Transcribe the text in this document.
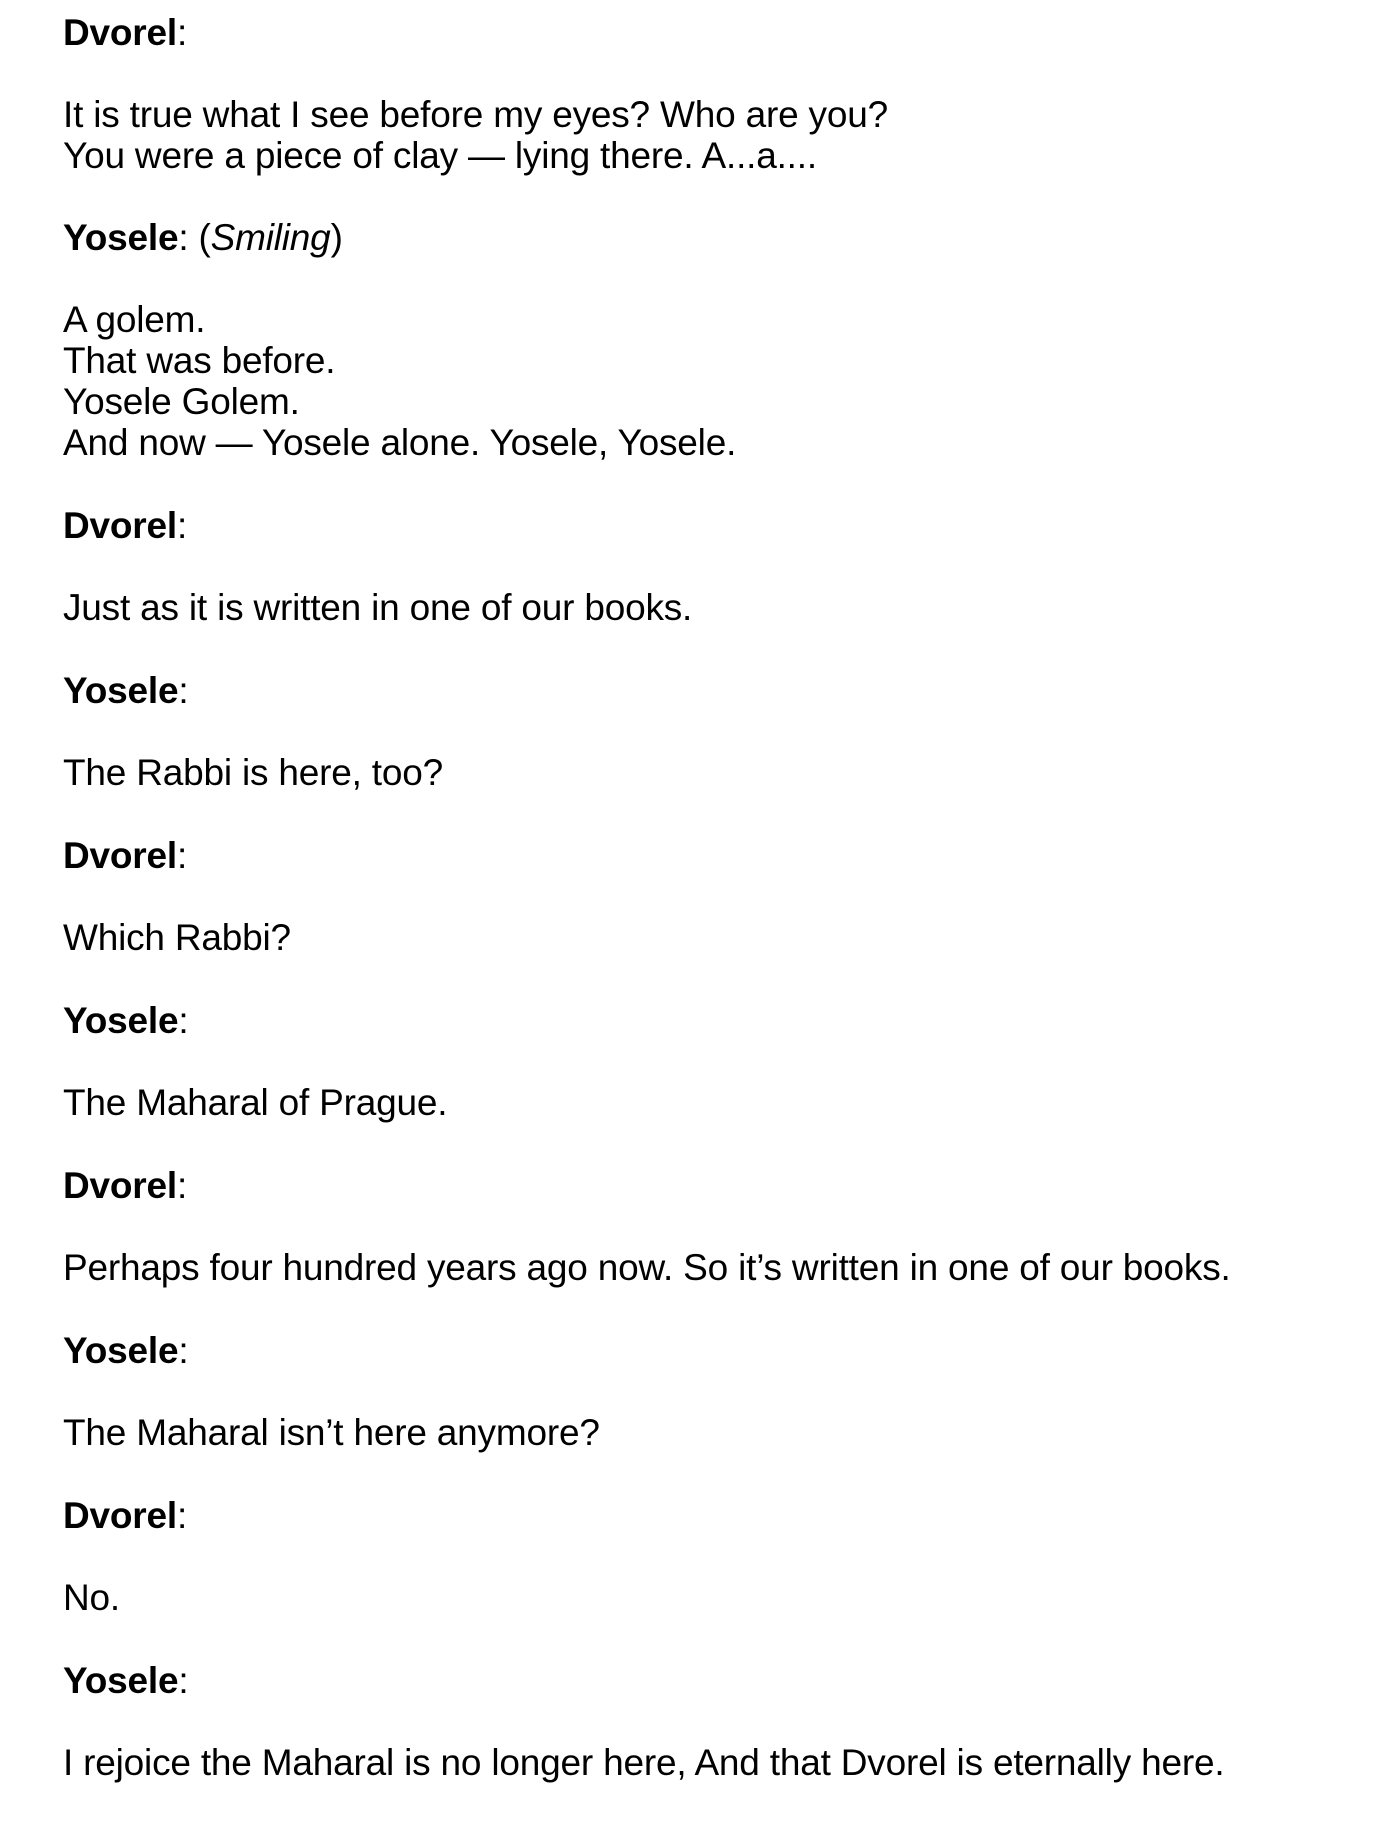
Dvorel:
It is true what I see before my eyes? Who are you?
You were a piece of clay — lying there. A...a....
Yosele: (Smiling)
A golem.
That was before.
Yosele Golem.
And now — Yosele alone. Yosele, Yosele.
Dvorel:
Just as it is written in one of our books.
Yosele:
The Rabbi is here, too?
Dvorel:
Which Rabbi?
Yosele:
The Maharal of Prague.
Dvorel:
Perhaps four hundred years ago now. So it’s written in one of our books.
Yosele:
The Maharal isn’t here anymore?
Dvorel:
No.
Yosele:
I rejoice the Maharal is no longer here, And that Dvorel is eternally here.
